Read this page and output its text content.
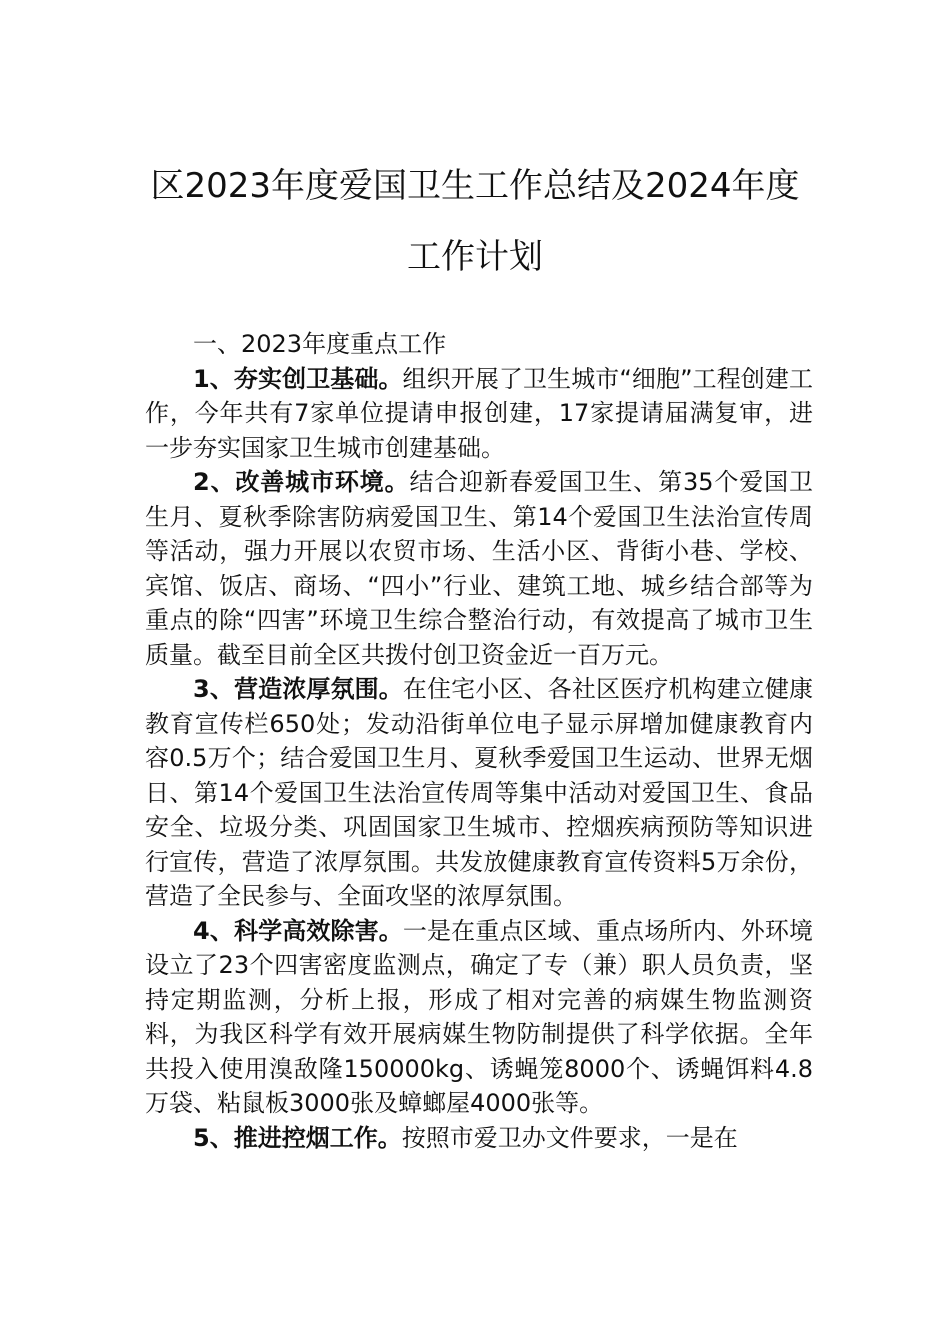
区2023年度爱国卫生工作总结及2024年度
工作计划

一、2023年度重点工作

1、夯实创卫基础。组织开展了卫生城市“细胞”工程创建工作，今年共有7家单位提请申报创建，17家提请届满复审，进一步夯实国家卫生城市创建基础。

2、改善城市环境。结合迎新春爱国卫生、第35个爱国卫生月、夏秋季除害防病爱国卫生、第14个爱国卫生法治宣传周等活动，强力开展以农贸市场、生活小区、背街小巷、学校、宾馆、饭店、商场、“四小”行业、建筑工地、城乡结合部等为重点的除“四害”环境卫生综合整治行动，有效提高了城市卫生质量。截至目前全区共拨付创卫资金近一百万元。

3、营造浓厚氛围。在住宅小区、各社区医疗机构建立健康教育宣传栏650处；发动沿街单位电子显示屏增加健康教育内容0.5万个；结合爱国卫生月、夏秋季爱国卫生运动、世界无烟日、第14个爱国卫生法治宣传周等集中活动对爱国卫生、食品安全、垃圾分类、巩固国家卫生城市、控烟疾病预防等知识进行宣传，营造了浓厚氛围。共发放健康教育宣传资料5万余份，营造了全民参与、全面攻坚的浓厚氛围。

4、科学高效除害。一是在重点区域、重点场所内、外环境设立了23个四害密度监测点，确定了专（兼）职人员负责，坚持定期监测，分析上报，形成了相对完善的病媒生物监测资料，为我区科学有效开展病媒生物防制提供了科学依据。全年共投入使用溴敌隆150000kg、诱蝇笼8000个、诱蝇饵料4.8万袋、粘鼠板3000张及蟑螂屋4000张等。

5、推进控烟工作。按照市爱卫办文件要求，一是在
